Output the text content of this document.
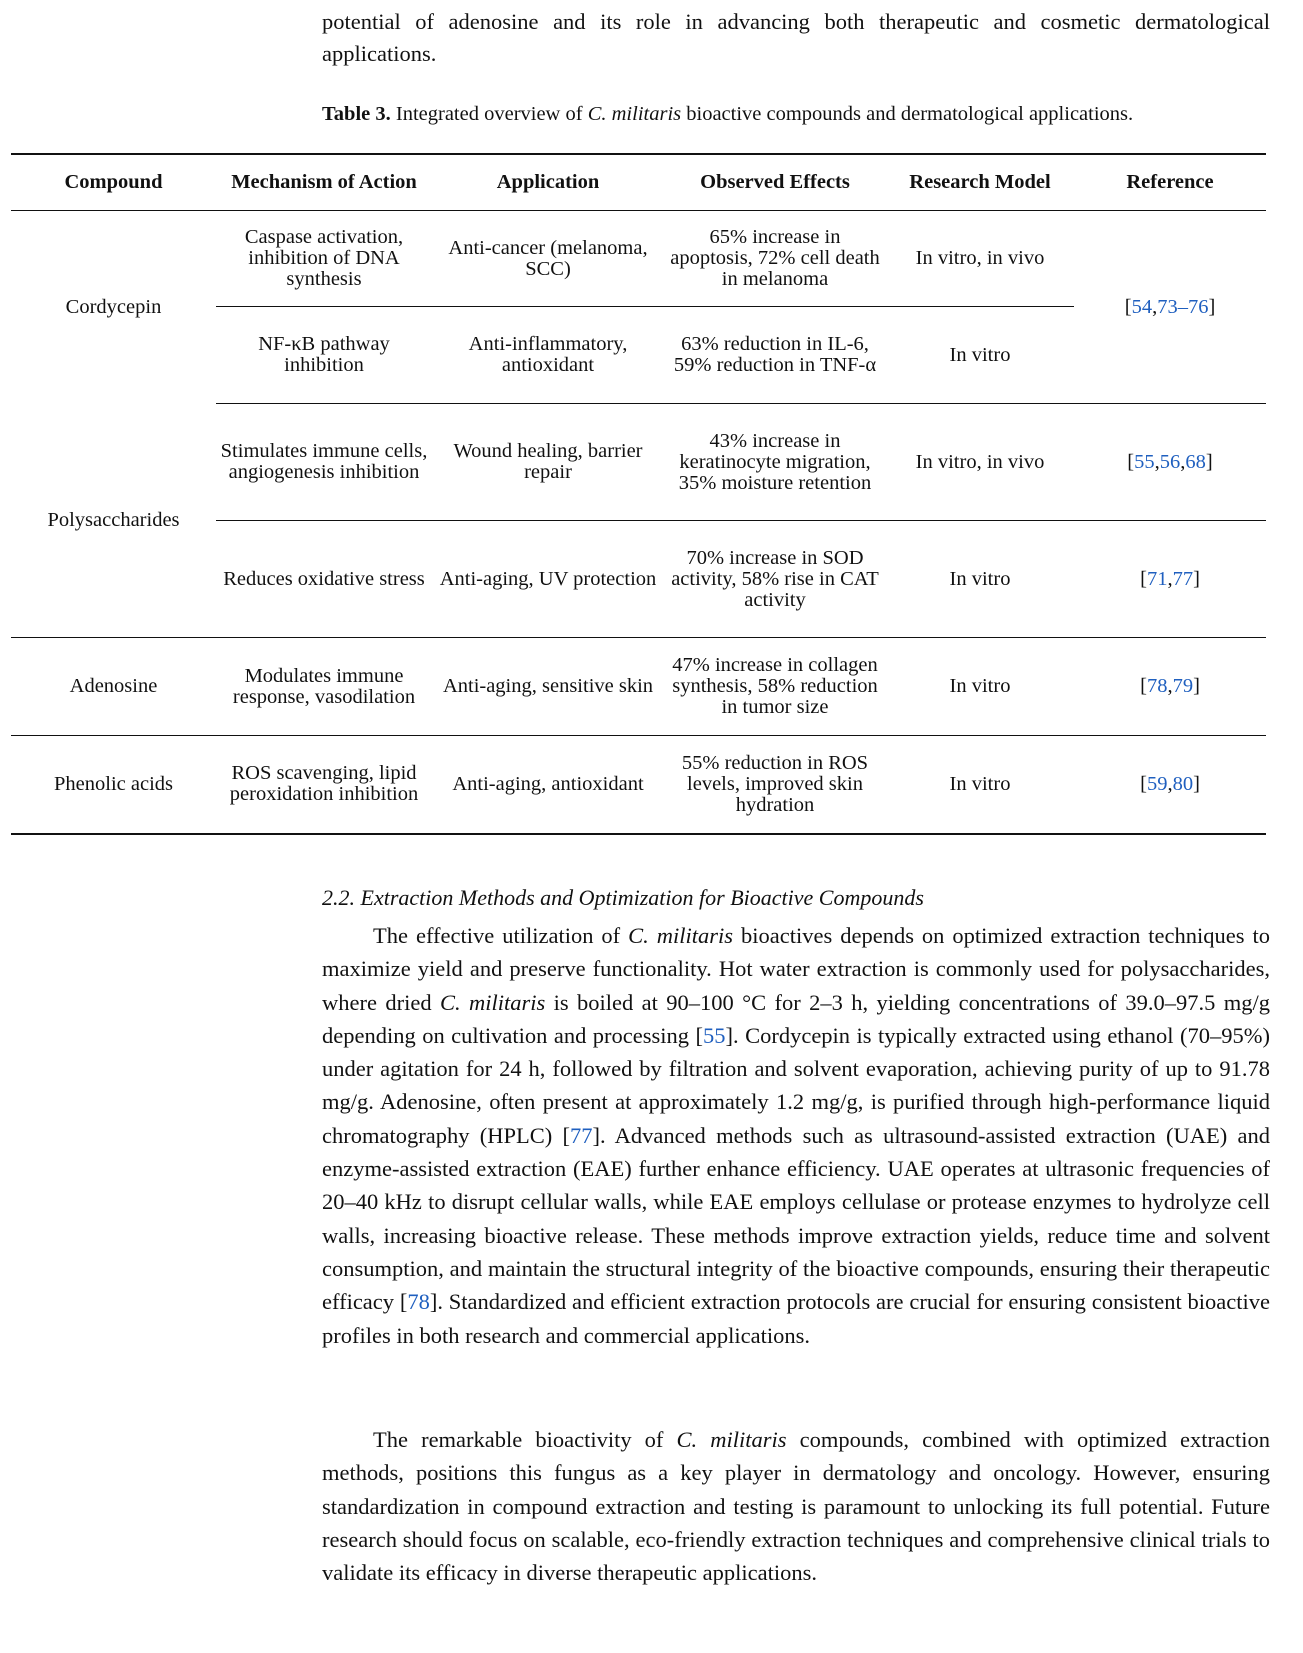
potential of adenosine and its role in advancing both therapeutic and cosmetic dermatological applications.
Table 3. Integrated overview of C. militaris bioactive compounds and dermatological applications.
Compound	Mechanism of Action	Application	Observed Effects	Research Model	Reference
Cordycepin	Caspase activation, inhibition of DNA synthesis	Anti-cancer (melanoma, SCC)	65% increase in apoptosis, 72% cell death in melanoma	In vitro, in vivo	[54,73–76]
	NF-κB pathway inhibition	Anti-inflammatory, antioxidant	63% reduction in IL-6, 59% reduction in TNF-α	In vitro	
Polysaccharides	Stimulates immune cells, angiogenesis inhibition	Wound healing, barrier repair	43% increase in keratinocyte migration, 35% moisture retention	In vitro, in vivo	[55,56,68]
	Reduces oxidative stress	Anti-aging, UV protection	70% increase in SOD activity, 58% rise in CAT activity	In vitro	[71,77]
Adenosine	Modulates immune response, vasodilation	Anti-aging, sensitive skin	47% increase in collagen synthesis, 58% reduction in tumor size	In vitro	[78,79]
Phenolic acids	ROS scavenging, lipid peroxidation inhibition	Anti-aging, antioxidant	55% reduction in ROS levels, improved skin hydration	In vitro	[59,80]
2.2. Extraction Methods and Optimization for Bioactive Compounds

The effective utilization of C. militaris bioactives depends on optimized extraction techniques to maximize yield and preserve functionality. Hot water extraction is commonly used for polysaccharides, where dried C. militaris is boiled at 90–100 °C for 2–3 h, yielding concentrations of 39.0–97.5 mg/g depending on cultivation and processing [55]. Cordycepin is typically extracted using ethanol (70–95%) under agitation for 24 h, followed by filtration and solvent evaporation, achieving purity of up to 91.78 mg/g. Adenosine, often present at approximately 1.2 mg/g, is purified through high-performance liquid chromatography (HPLC) [77]. Advanced methods such as ultrasound-assisted extraction (UAE) and enzyme-assisted extraction (EAE) further enhance efficiency. UAE operates at ultrasonic frequencies of 20–40 kHz to disrupt cellular walls, while EAE employs cellulase or protease enzymes to hydrolyze cell walls, increasing bioactive release. These methods improve extraction yields, reduce time and solvent consumption, and maintain the structural integrity of the bioactive compounds, ensuring their therapeutic efficacy [78]. Standardized and efficient extraction protocols are crucial for ensuring consistent bioactive profiles in both research and commercial applications.

The remarkable bioactivity of C. militaris compounds, combined with optimized extraction methods, positions this fungus as a key player in dermatology and oncology. However, ensuring standardization in compound extraction and testing is paramount to unlocking its full potential. Future research should focus on scalable, eco-friendly extraction techniques and comprehensive clinical trials to validate its efficacy in diverse therapeutic applications.
